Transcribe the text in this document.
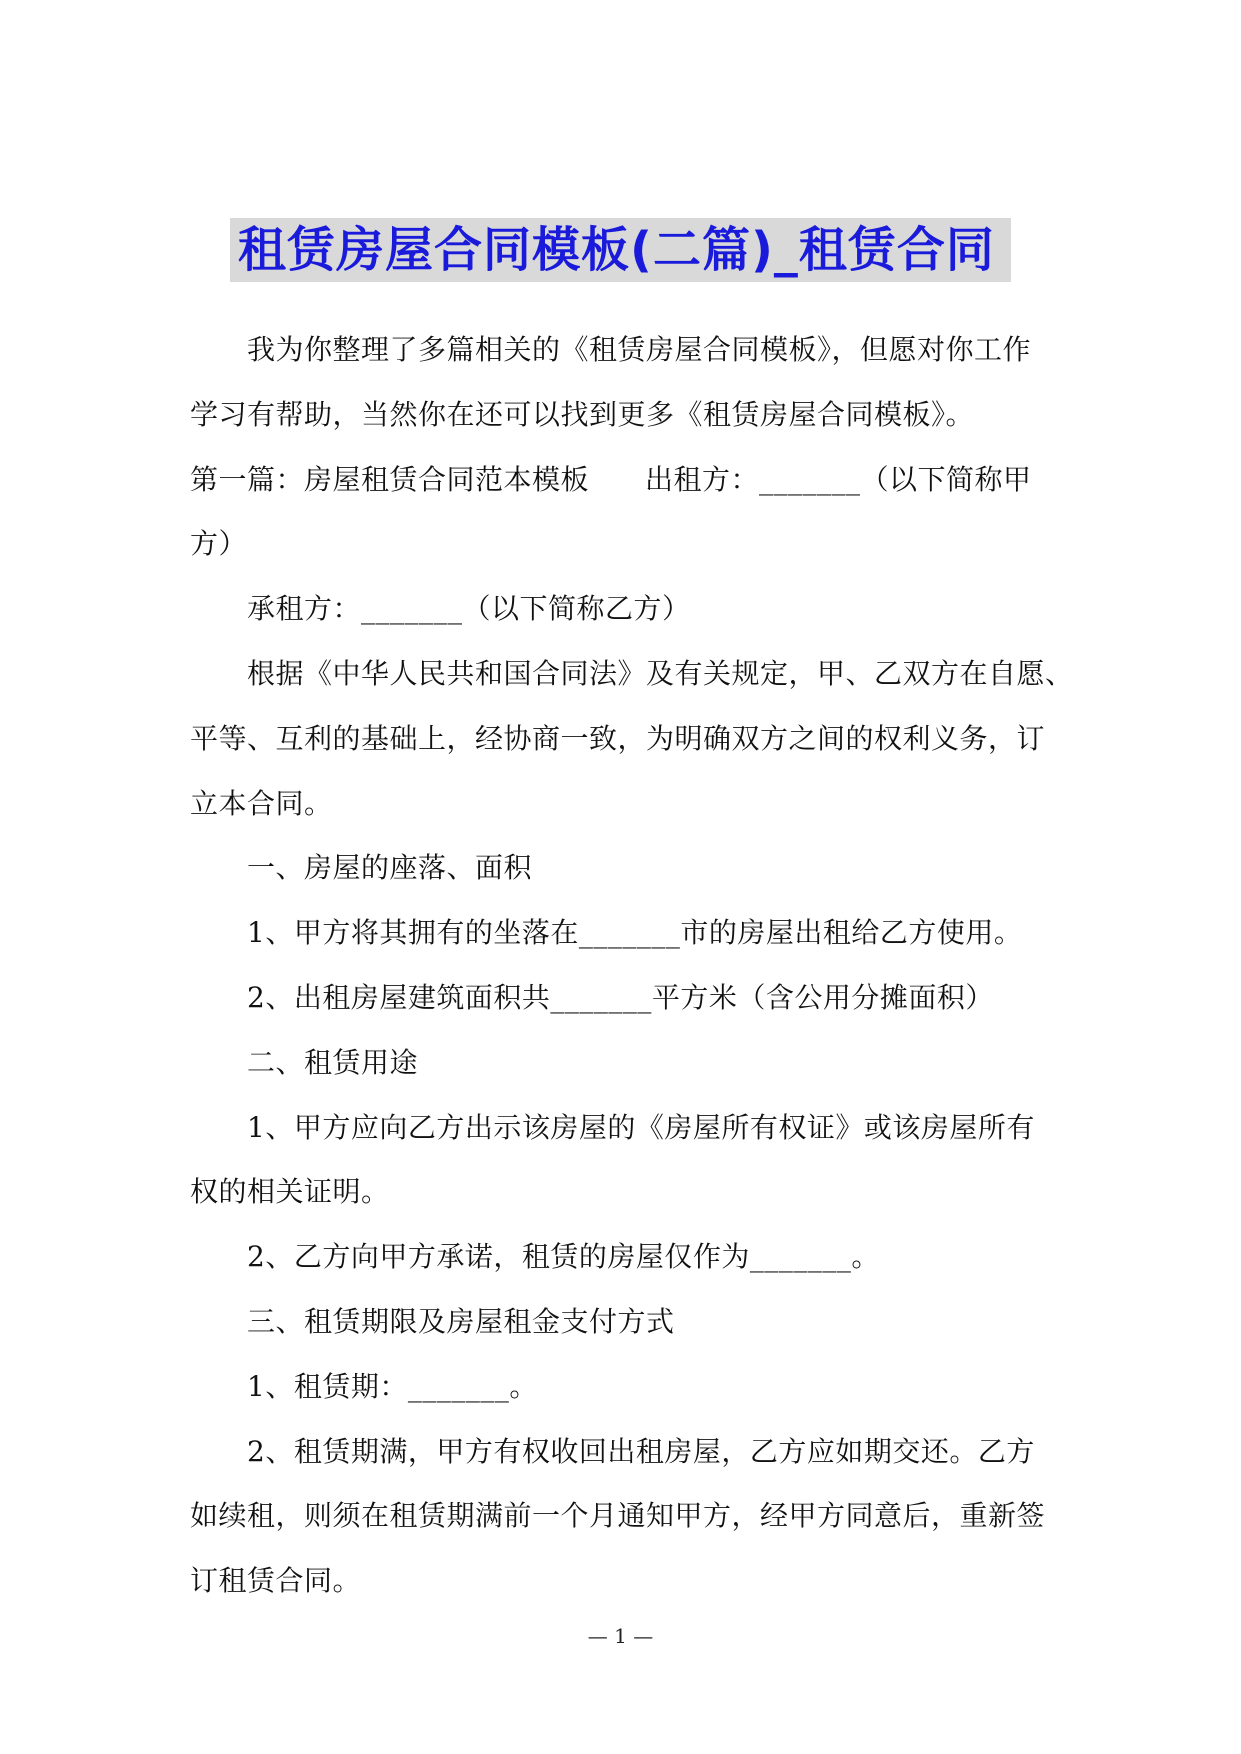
租赁房屋合同模板(二篇)_租赁合同
我为你整理了多篇相关的《租赁房屋合同模板》，但愿对你工作
学习有帮助，当然你在还可以找到更多《租赁房屋合同模板》。
第一篇：房屋租赁合同范本模板 出租方：_______（以下简称甲
方）
承租方：_______（以下简称乙方）
根据《中华人民共和国合同法》及有关规定，甲、乙双方在自愿、
平等、互利的基础上，经协商一致，为明确双方之间的权利义务，订
立本合同。
一、房屋的座落、面积
1、甲方将其拥有的坐落在_______市的房屋出租给乙方使用。
2、出租房屋建筑面积共_______平方米（含公用分摊面积）
二、租赁用途
1、甲方应向乙方出示该房屋的《房屋所有权证》或该房屋所有
权的相关证明。
2、乙方向甲方承诺，租赁的房屋仅作为_______。
三、租赁期限及房屋租金支付方式
1、租赁期：_______。
2、租赁期满，甲方有权收回出租房屋，乙方应如期交还。乙方
如续租，则须在租赁期满前一个月通知甲方，经甲方同意后，重新签
订租赁合同。
— 1 —
